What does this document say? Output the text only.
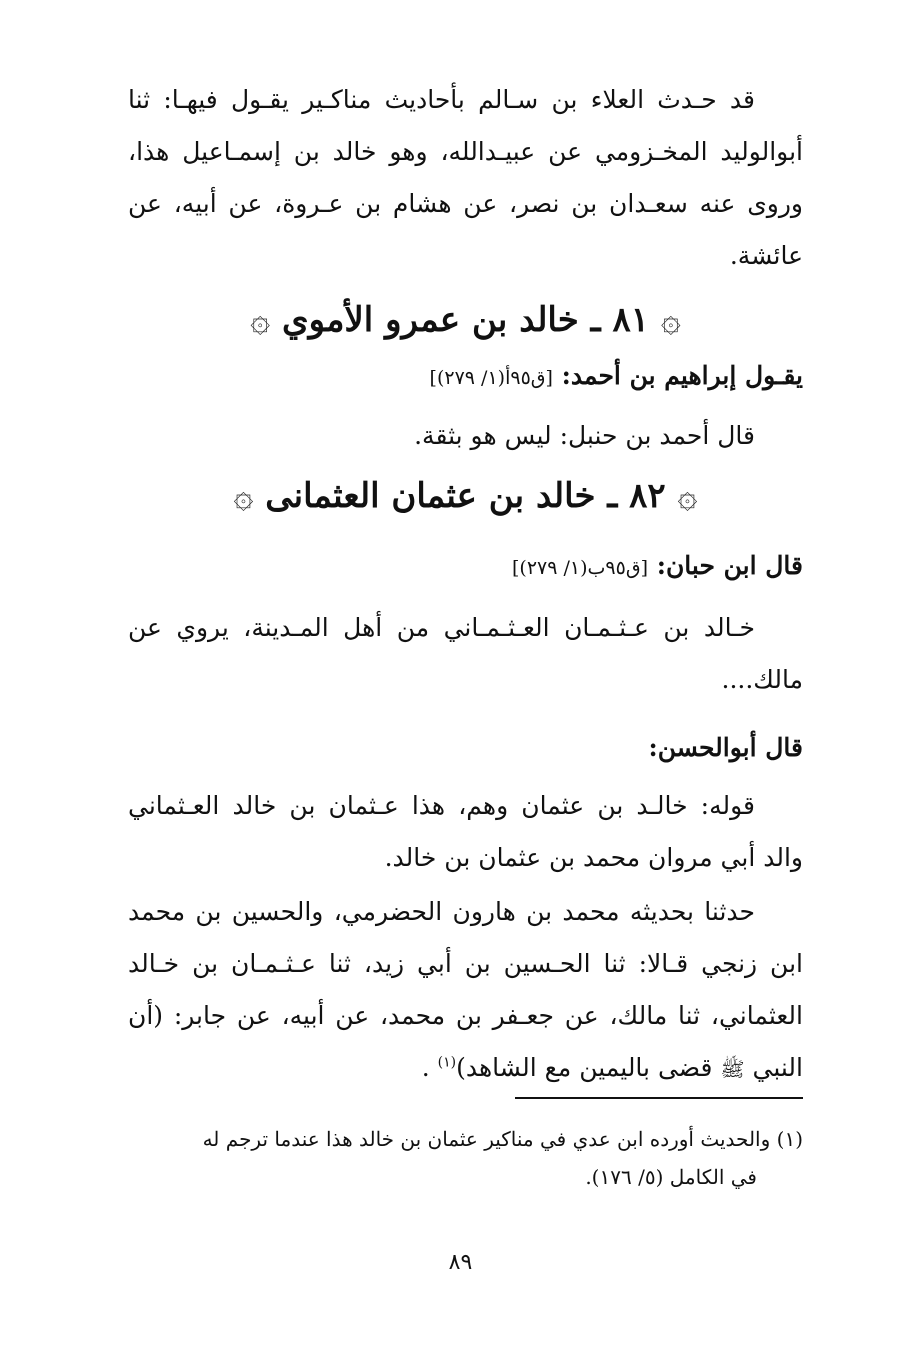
قد حـدث العلاء بن سـالم بأحاديث مناكـير يقـول فيهـا: ثنا أبوالوليد المخـزومي عن عبيـدالله، وهو خالد بن إسمـاعيل هذا، وروى عنه سعـدان بن نصر، عن هشام بن عـروة، عن أبيه، عن عائشة.
۞ ٨١ ـ خالد بن عمرو الأموي ۞
يقـول إبراهيم بن أحمد: [ق٩٥أ(١/ ٢٧٩)]
قال أحمد بن حنبل: ليس هو بثقة.
۞ ٨٢ ـ خالد بن عثمان العثمانى ۞
قال ابن حبان: [ق٩٥ب(١/ ٢٧٩)]
خـالد بن عـثـمـان العـثـمـاني من أهل المـدينة، يروي عن مالك....
قال أبوالحسن:
قوله: خالـد بن عثمان وهم، هذا عـثمان بن خالد العـثماني والد أبي مروان محمد بن عثمان بن خالد.
حدثنا بحديثه محمد بن هارون الحضرمي، والحسين بن محمد ابن زنجي قـالا: ثنا الحـسين بن أبي زيد، ثنا عـثـمـان بن خـالد العثماني، ثنا مالك، عن جعـفر بن محمد، عن أبيه، عن جابر: (أن النبي ﷺ قضى باليمين مع الشاهد)$^{(١)}$ .
(١) والحديث أورده ابن عدي في مناكير عثمان بن خالد هذا عندما ترجم له
في الكامل (٥/ ١٧٦).
٨٩
